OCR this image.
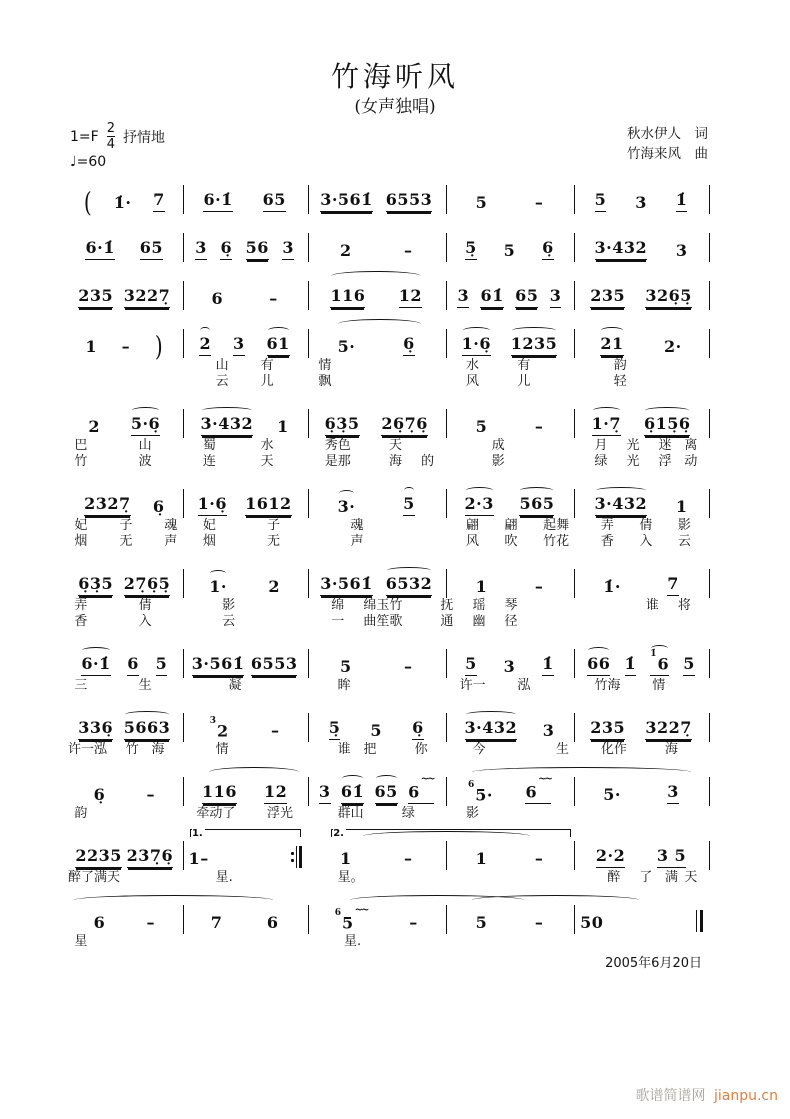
竹海听风
(女声独唱)
$1=F \frac{2}{4}$ 抒情地
♩=60
秋水伊人　词
竹海来风　曲
( 1̇· 7 6·1̇ 65 3·561̇ 6553	5	–	5 3 1̇
6·1̇ 65 3 6̣ 56 3	2	–	5̣ 5 6̣	3·432 3
235 3227̣	6	–	116 12 3 61̇ 65 3 235 326̣5̣
1 – ) 2 3 61	5·	6̣	1·6̣ 1235	21	2·
山 有	情	水	有	韵
云 儿	飘	风	儿	轻
2 5·6̣	3·432 1 6̣3̣5 26̣7̣6̣	5	–	1·7̣ 6̣15̣6̣
巴	山	蜀	水	秀色	天	成	月 光 迷 离
竹	波	连	天	是那	海 的	影	绿 光 浮 动
2327̣ 6̣ 1·6̣ 1612	3·	5	2·3 565	3·432 1
妃 子 魂 妃	子	魂	翩 翩 起舞 弄 倩 影
烟 无 声 烟	无	声	风 吹 竹花 香 入 云
6̣3̣5 27̣6̣5̣ 1·	2	3·561̇ 6532	1	–	1̇·	7
弄	倩	影	绵 绵玉竹	抚 瑶 琴	谁 将
香	入	云	一 曲笙歌	通 幽 径
6·1̇ 6 5 3·561̇ 6553	5	–	5 3 1̇ 66 1̇
$^{1̇}$6 5
三	生	凝	眸	许一 泓	竹海 情
336̣ 5663	$^3$2	–	5̣ 5 6̣	3·432 3 235 3227̣
许一泓 竹 海	情	谁 把	你	今	生 化作	海
6̣	–	116 12 3 61̇ 65 6~~	$^6$5· 6~~
5·	3
韵	牵动了 浮光	群山	绿	影
1.	2.
2235 237̣6̣ 1 –	1	–	1	–	2·2 3 5
醉了满天	星.	星。	醉 了 满 天
6	–	7	6
$^6$5~~
–	5	– 5 0
星	星.
2005年6月20日
歌谱简谱网 jianpu.cn
